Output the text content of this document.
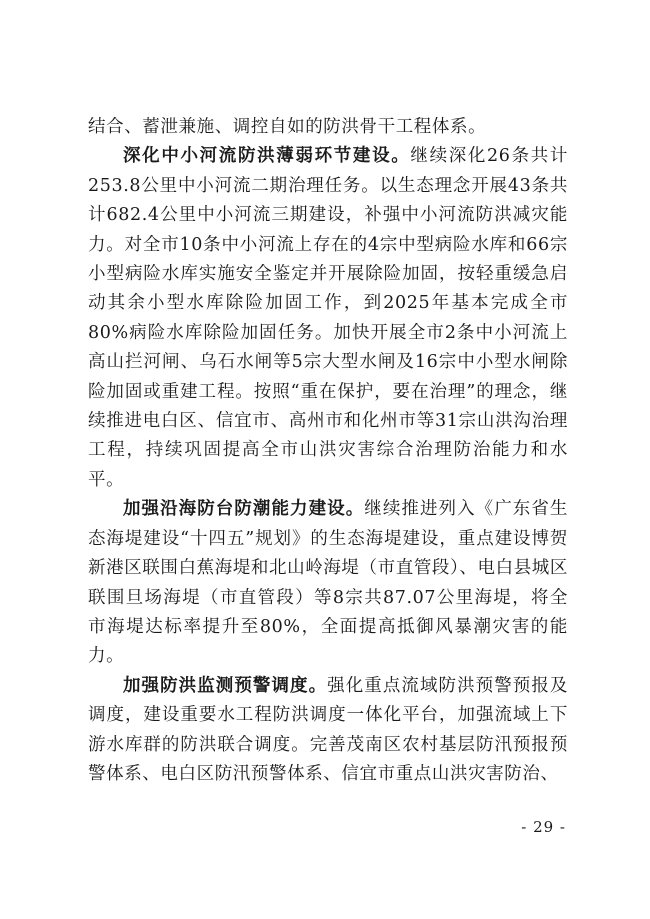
结合、蓄泄兼施、调控自如的防洪骨干工程体系。

深化中小河流防洪薄弱环节建设。继续深化26条共计253.8公里中小河流二期治理任务。以生态理念开展43条共计682.4公里中小河流三期建设，补强中小河流防洪减灾能力。对全市10条中小河流上存在的4宗中型病险水库和66宗小型病险水库实施安全鉴定并开展除险加固，按轻重缓急启动其余小型水库除险加固工作，到2025年基本完成全市80%病险水库除险加固任务。加快开展全市2条中小河流上高山拦河闸、乌石水闸等5宗大型水闸及16宗中小型水闸除险加固或重建工程。按照“重在保护，要在治理”的理念，继续推进电白区、信宜市、高州市和化州市等31宗山洪沟治理工程，持续巩固提高全市山洪灾害综合治理防治能力和水平。

加强沿海防台防潮能力建设。继续推进列入《广东省生态海堤建设“十四五”规划》的生态海堤建设，重点建设博贺新港区联围白蕉海堤和北山岭海堤（市直管段）、电白县城区联围旦场海堤（市直管段）等8宗共87.07公里海堤，将全市海堤达标率提升至80%，全面提高抵御风暴潮灾害的能力。

加强防洪监测预警调度。强化重点流域防洪预警预报及调度，建设重要水工程防洪调度一体化平台，加强流域上下游水库群的防洪联合调度。完善茂南区农村基层防汛预报预警体系、电白区防汛预警体系、信宜市重点山洪灾害防治、

- 29 -
